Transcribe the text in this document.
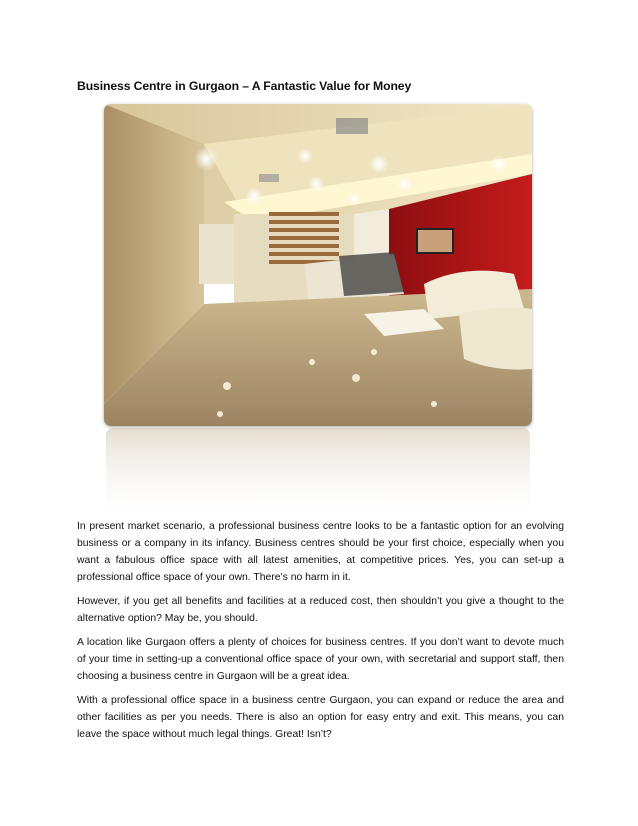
Business Centre in Gurgaon – A Fantastic Value for Money

In present market scenario, a professional business centre looks to be a fantastic option for an evolving business or a company in its infancy. Business centres should be your first choice, especially when you want a fabulous office space with all latest amenities, at competitive prices. Yes, you can set-up a professional office space of your own. There’s no harm in it.

However, if you get all benefits and facilities at a reduced cost, then shouldn’t you give a thought to the alternative option? May be, you should.

A location like Gurgaon offers a plenty of choices for business centres. If you don’t want to devote much of your time in setting-up a conventional office space of your own, with secretarial and support staff, then choosing a business centre in Gurgaon will be a great idea.

With a professional office space in a business centre Gurgaon, you can expand or reduce the area and other facilities as per you needs. There is also an option for easy entry and exit. This means, you can leave the space without much legal things. Great! Isn’t?
